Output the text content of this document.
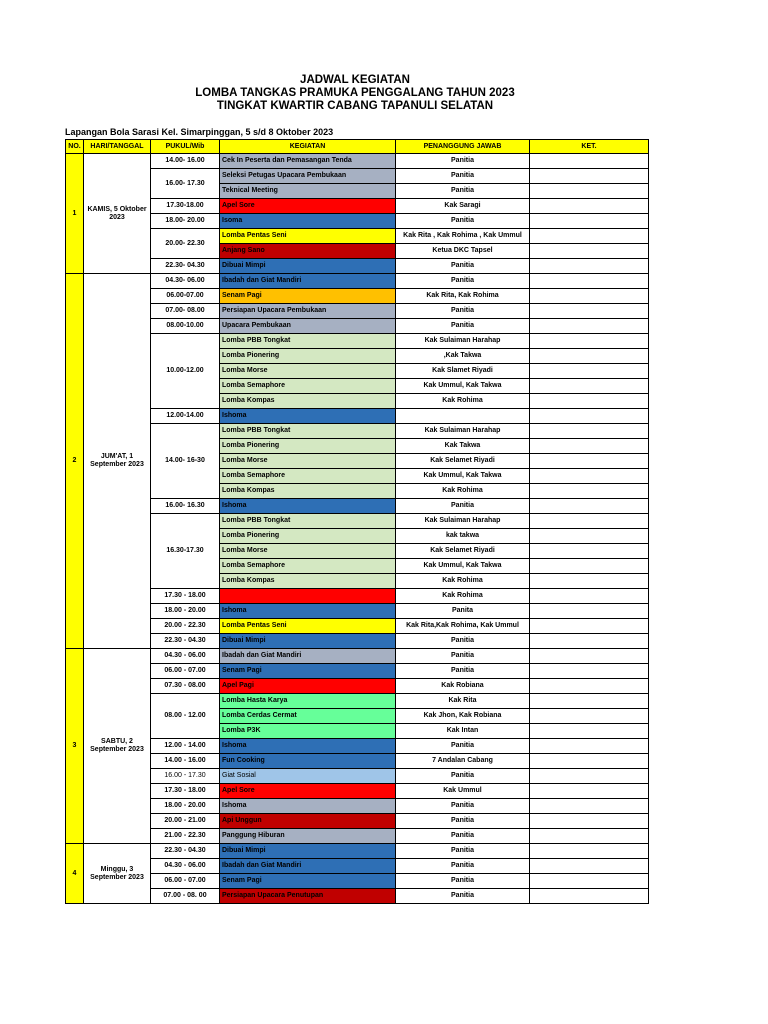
JADWAL KEGIATAN
LOMBA TANGKAS PRAMUKA PENGGALANG TAHUN 2023
TINGKAT KWARTIR CABANG TAPANULI SELATAN
Lapangan Bola Sarasi Kel. Simarpinggan, 5 s/d 8 Oktober 2023
NO.	HARI/TANGGAL	PUKUL/Wib	KEGIATAN	PENANGGUNG JAWAB	KET.
1	KAMIS, 5 Oktober 2023	14.00- 16.00	Cek In Peserta dan Pemasangan Tenda	Panitia	
		16.00- 17.30	Seleksi Petugas Upacara Pembukaan	Panitia	
			Teknical Meeting	Panitia	
		17.30-18.00	Apel Sore	Kak Saragi	
		18.00- 20.00	Isoma	Panitia	
		20.00- 22.30	Lomba Pentas Seni	Kak Rita , Kak Rohima , Kak Ummul	
			Anjang Sano	Ketua DKC Tapsel	
		22.30- 04.30	Dibuai Mimpi	Panitia	
2	JUM'AT, 1 September 2023	04.30- 06.00	Ibadah dan Giat Mandiri	Panitia	
		06.00-07.00	Senam Pagi	Kak Rita, Kak Rohima	
		07.00- 08.00	Persiapan Upacara Pembukaan	Panitia	
		08.00-10.00	Upacara Pembukaan	Panitia	
		10.00-12.00	Lomba PBB Tongkat	Kak Sulaiman Harahap	
			Lomba Pionering	,Kak Takwa	
			Lomba Morse	Kak Slamet Riyadi	
			Lomba Semaphore	Kak Ummul, Kak Takwa	
			Lomba Kompas	Kak Rohima	
		12.00-14.00	Ishoma		
		14.00- 16-30	Lomba PBB Tongkat	Kak Sulaiman Harahap	
			Lomba Pionering	Kak Takwa	
			Lomba Morse	Kak Selamet Riyadi	
			Lomba Semaphore	Kak Ummul, Kak Takwa	
			Lomba Kompas	Kak Rohima	
		16.00- 16.30	Ishoma	Panitia	
		16.30-17.30	Lomba PBB Tongkat	Kak Sulaiman Harahap	
			Lomba Pionering	kak takwa	
			Lomba Morse	Kak Selamet Riyadi	
			Lomba Semaphore	Kak Ummul, Kak Takwa	
			Lomba Kompas	Kak Rohima	
		17.30 - 18.00		Kak Rohima	
		18.00 - 20.00	Ishoma	Panita	
		20.00 - 22.30	Lomba Pentas Seni	Kak Rita,Kak Rohima, Kak Ummul	
		22.30 - 04.30	Dibuai Mimpi	Panitia	
3	SABTU, 2 September 2023	04.30 - 06.00	Ibadah dan Giat Mandiri	Panitia	
		06.00 - 07.00	Senam Pagi	Panitia	
		07.30 - 08.00	Apel Pagi	Kak Robiana	
		08.00 - 12.00	Lomba Hasta Karya	Kak Rita	
			Lomba Cerdas Cermat	Kak Jhon, Kak Robiana	
			Lomba P3K	Kak Intan	
		12.00 - 14.00	Ishoma	Panitia	
		14.00 - 16.00	Fun Cooking	7 Andalan Cabang	
		16.00 - 17.30	Giat Sosial	Panitia	
		17.30 - 18.00	Apel Sore	Kak Ummul	
		18.00 - 20.00	Ishoma	Panitia	
		20.00 - 21.00	Api Unggun	Panitia	
		21.00 - 22.30	Panggung Hiburan	Panitia	
4	Minggu, 3 September 2023	22.30 - 04.30	Dibuai Mimpi	Panitia	
		04.30 - 06.00	Ibadah dan Giat Mandiri	Panitia	
		06.00 - 07.00	Senam Pagi	Panitia	
		07.00 - 08. 00	Persiapan Upacara Penutupan	Panitia	
